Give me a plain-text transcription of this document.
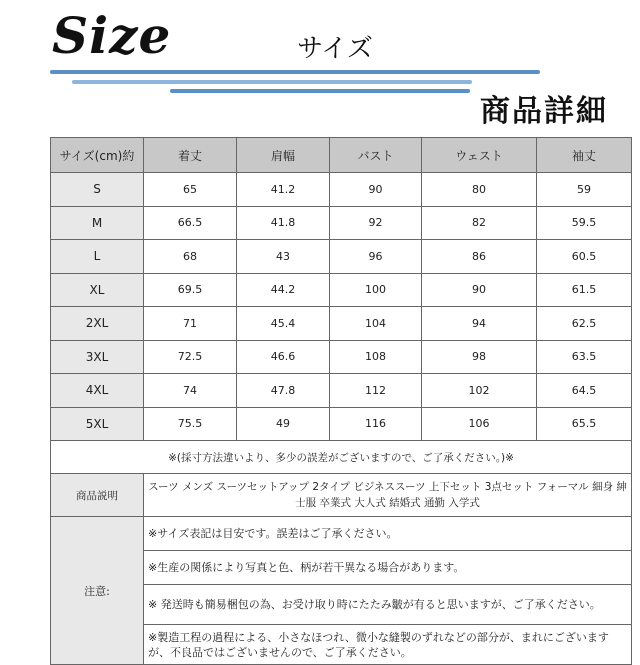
Size	サイズ
商品詳細
サイズ(cm)約	着丈	肩幅	バスト	ウェスト	袖丈
S	65	41.2	90	80	59
M	66.5	41.8	92	82	59.5
L	68	43	96	86	60.5
XL	69.5	44.2	100	90	61.5
2XL	71	45.4	104	94	62.5
3XL	72.5	46.6	108	98	63.5
4XL	74	47.8	112	102	64.5
5XL	75.5	49	116	106	65.5
※(採寸方法違いより、多少の誤差がございますので、ご了承ください。)※					
商品説明	スーツ メンズ スーツセットアップ 2タイプ ビジネススーツ 上下セット 3点セット フォーマル 細身 紳士服 卒業式 大人式 結婚式 通勤 入学式				
注意:	※サイズ表記は目安です。誤差はご了承ください。				
	※生産の関係により写真と色、柄が若干異なる場合があります。				
	※ 発送時も簡易梱包の為、お受け取り時にたたみ皺が有ると思いますが、ご了承ください。				
	※製造工程の過程による、小さなほつれ、微小な縫製のずれなどの部分が、まれにございますが、不良品ではございませんので、ご了承ください。				
